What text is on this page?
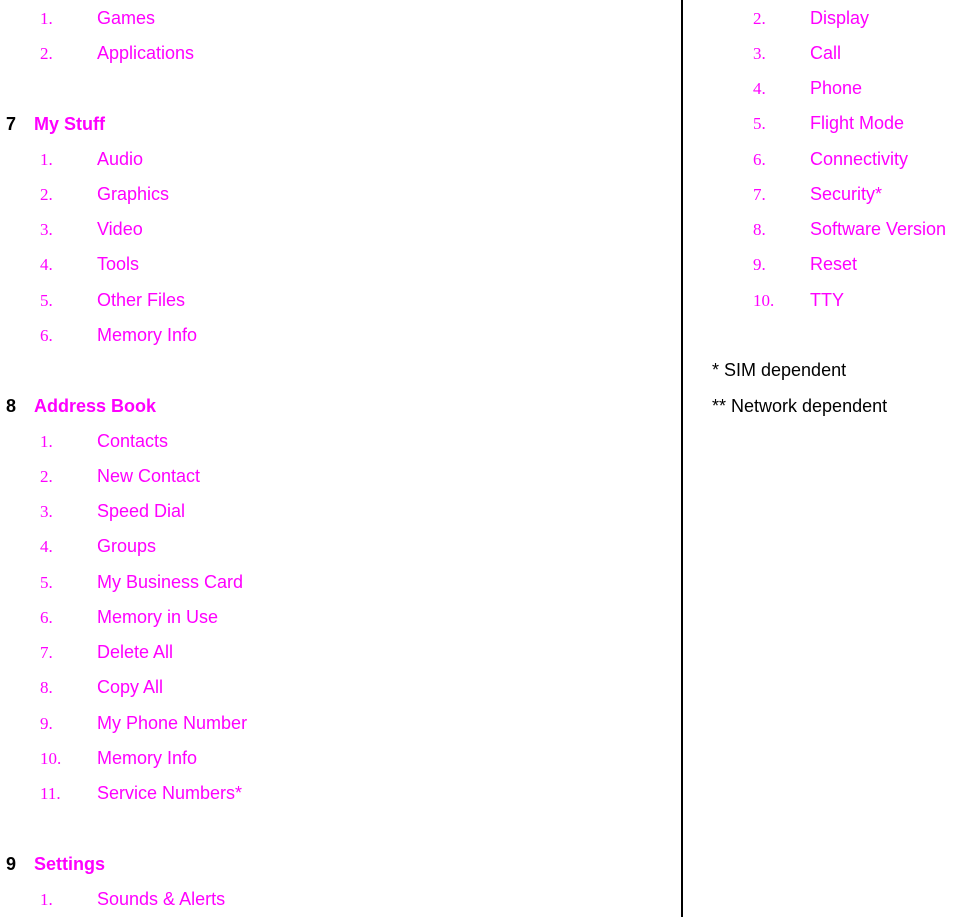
1. Games
2. Applications
7 My Stuff
1. Audio
2. Graphics
3. Video
4. Tools
5. Other Files
6. Memory Info
8 Address Book
1. Contacts
2. New Contact
3. Speed Dial
4. Groups
5. My Business Card
6. Memory in Use
7. Delete All
8. Copy All
9. My Phone Number
10. Memory Info
11. Service Numbers*
9 Settings
1. Sounds & Alerts
2. Display
3. Call
4. Phone
5. Flight Mode
6. Connectivity
7. Security*
8. Software Version
9. Reset
10. TTY
* SIM dependent
** Network dependent
